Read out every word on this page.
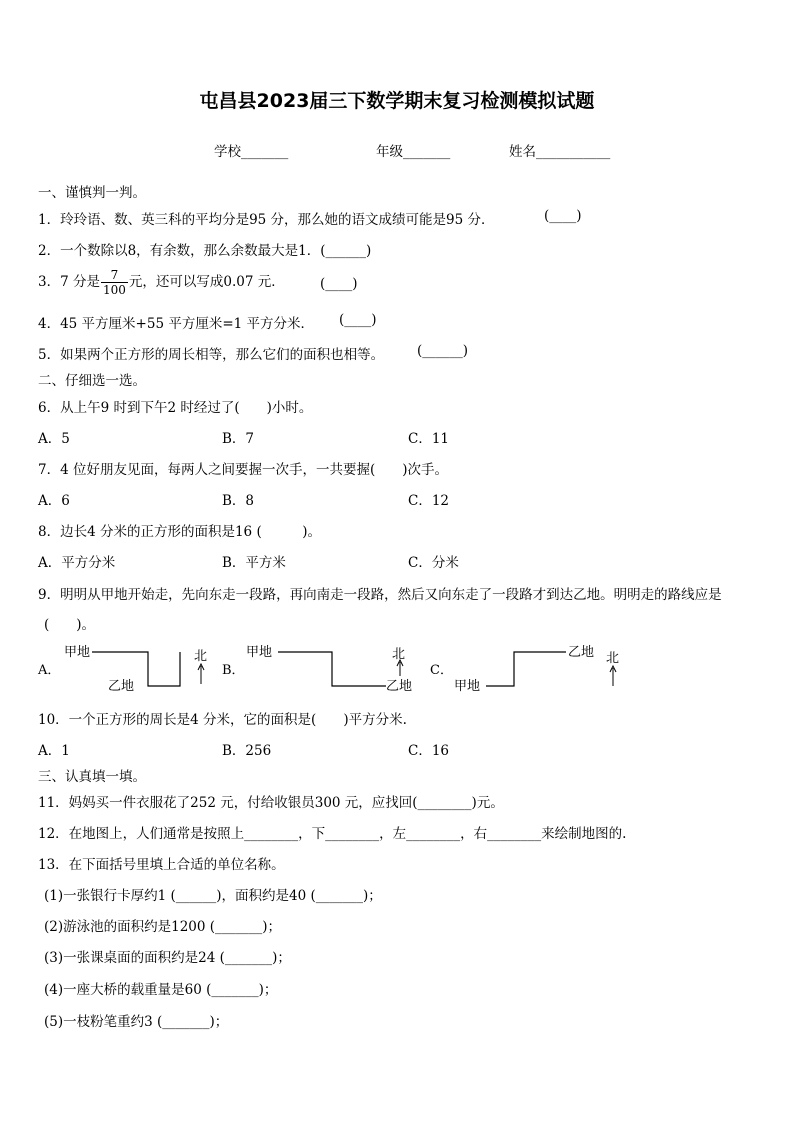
屯昌县2023届三下数学期末复习检测模拟试题
学校_______	年级_______	姓名___________
一、谨慎判一判。
1．玲玲语、数、英三科的平均分是95 分，那么她的语文成绩可能是95 分．	(____)
2．一个数除以8，有余数，那么余数最大是1．(______)
3．7 分是 $\frac{7}{100}$ 元，还可以写成0.07 元．	(____)
4．45 平方厘米+55 平方厘米=1 平方分米． (____)
5．如果两个正方形的周长相等，那么它们的面积也相等。 (______)
二、仔细选一选。
6．从上午9 时到下午2 时经过了(　　)小时。
A．5	B．7	C．11
7．4 位好朋友见面，每两人之间要握一次手，一共要握(　　)次手。
A．6	B．8	C．12
8．边长4 分米的正方形的面积是16 (　　　)。
A．平方分米	B．平方米	C．分米
9．明明从甲地开始走，先向东走一段路，再向南走一段路，然后又向东走了一段路才到达乙地。明明走的路线应是
(　　)。
A．
甲地
乙地
北
B．
甲地
乙地
北
C．
甲地
乙地 北
10．一个正方形的周长是4 分米，它的面积是(　　)平方分米.
A．1	B．256	C．16
三、认真填一填。
11．妈妈买一件衣服花了252 元，付给收银员300 元，应找回(________)元。
12．在地图上，人们通常是按照上________，下________，左________，右________来绘制地图的.
13．在下面括号里填上合适的单位名称。
(1)一张银行卡厚约1 (______)，面积约是40 (_______)；
(2)游泳池的面积约是1200 (_______)；
(3)一张课桌面的面积约是24 (_______)；
(4)一座大桥的载重量是60 (_______)；
(5)一枝粉笔重约3 (_______)；
